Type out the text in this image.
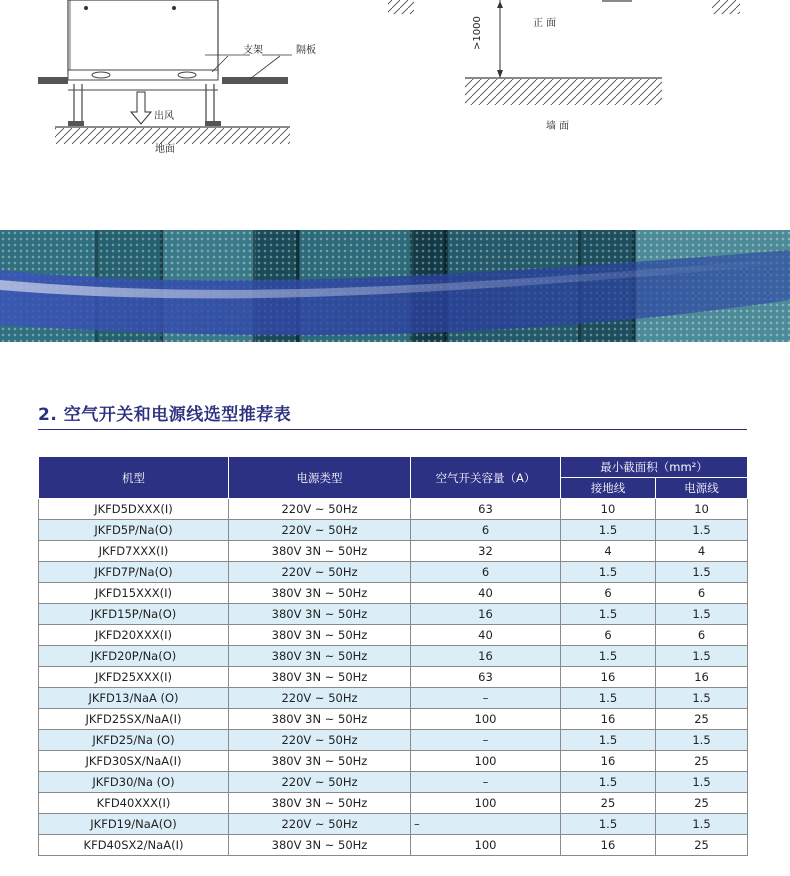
支架	隔板
出风
地面
正 面
>1000
墙 面
2. 空气开关和电源线选型推荐表
机型	电源类型	空气开关容量（A）	最小截面积（mm²）	
			接地线	电源线
JKFD5DXXX(I)	220V ~ 50Hz	63	10	10
JKFD5P/Na(O)	220V ~ 50Hz	6	1.5	1.5
JKFD7XXX(I)	380V 3N ~ 50Hz	32	4	4
JKFD7P/Na(O)	220V ~ 50Hz	6	1.5	1.5
JKFD15XXX(I)	380V 3N ~ 50Hz	40	6	6
JKFD15P/Na(O)	380V 3N ~ 50Hz	16	1.5	1.5
JKFD20XXX(I)	380V 3N ~ 50Hz	40	6	6
JKFD20P/Na(O)	380V 3N ~ 50Hz	16	1.5	1.5
JKFD25XXX(I)	380V 3N ~ 50Hz	63	16	16
JKFD13/NaA (O)	220V ~ 50Hz	–	1.5	1.5
JKFD25SX/NaA(I)	380V 3N ~ 50Hz	100	16	25
JKFD25/Na (O)	220V ~ 50Hz	–	1.5	1.5
JKFD30SX/NaA(I)	380V 3N ~ 50Hz	100	16	25
JKFD30/Na (O)	220V ~ 50Hz	–	1.5	1.5
KFD40XXX(I)	380V 3N ~ 50Hz	100	25	25
JKFD19/NaA(O)	220V ~ 50Hz	–	1.5	1.5
KFD40SX2/NaA(I)	380V 3N ~ 50Hz	100	16	25
